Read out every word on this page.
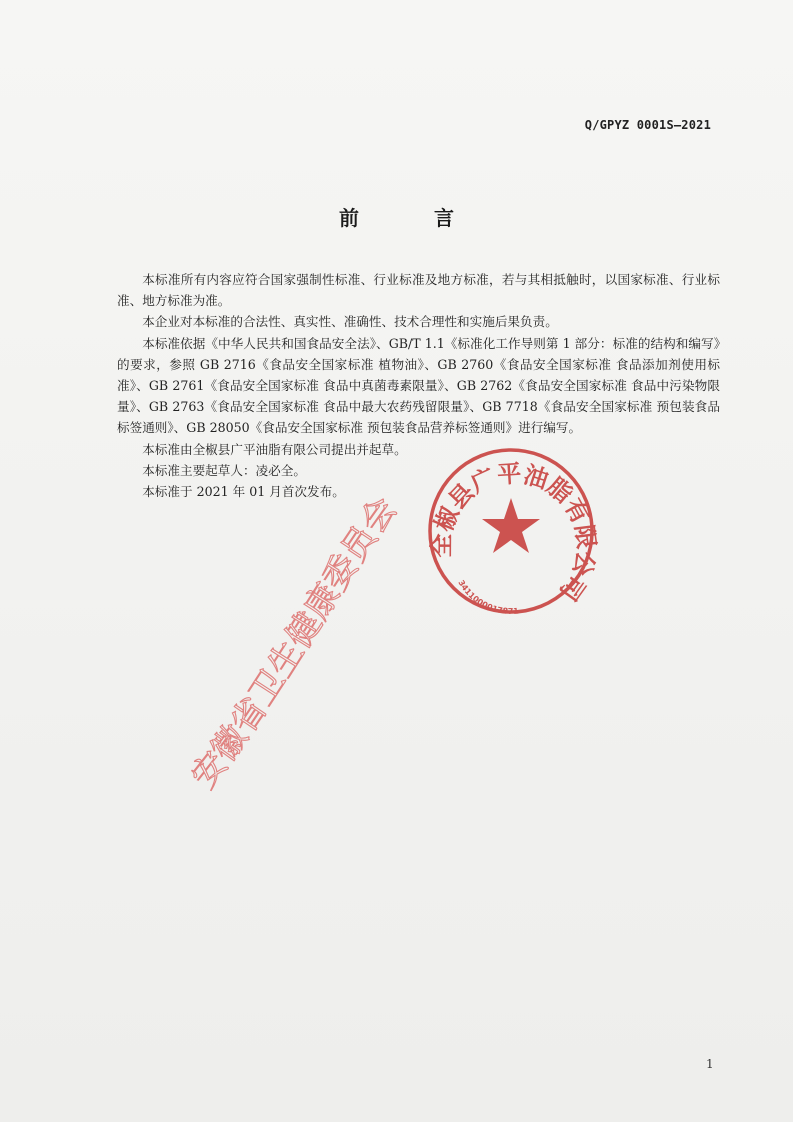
Q/GPYZ 0001S—2021
前 言

本标准所有内容应符合国家强制性标准、行业标准及地方标准，若与其相抵触时，以国家标准、行业标准、地方标准为准。

本企业对本标准的合法性、真实性、准确性、技术合理性和实施后果负责。

本标准依据《中华人民共和国食品安全法》、GB/T 1.1《标准化工作导则第 1 部分：标准的结构和编写》的要求，参照 GB 2716《食品安全国家标准 植物油》、GB 2760《食品安全国家标准 食品添加剂使用标准》、GB 2761《食品安全国家标准 食品中真菌毒素限量》、GB 2762《食品安全国家标准 食品中污染物限量》、GB 2763《食品安全国家标准 食品中最大农药残留限量》、GB 7718《食品安全国家标准 预包装食品标签通则》、GB 28050《食品安全国家标准 预包装食品营养标签通则》进行编写。

本标准由全椒县广平油脂有限公司提出并起草。

本标准主要起草人：凌必全。

本标准于 2021 年 01 月首次发布。

全椒县广平油脂有限公司
3411000017871
安徽省卫生健康委员会
1
